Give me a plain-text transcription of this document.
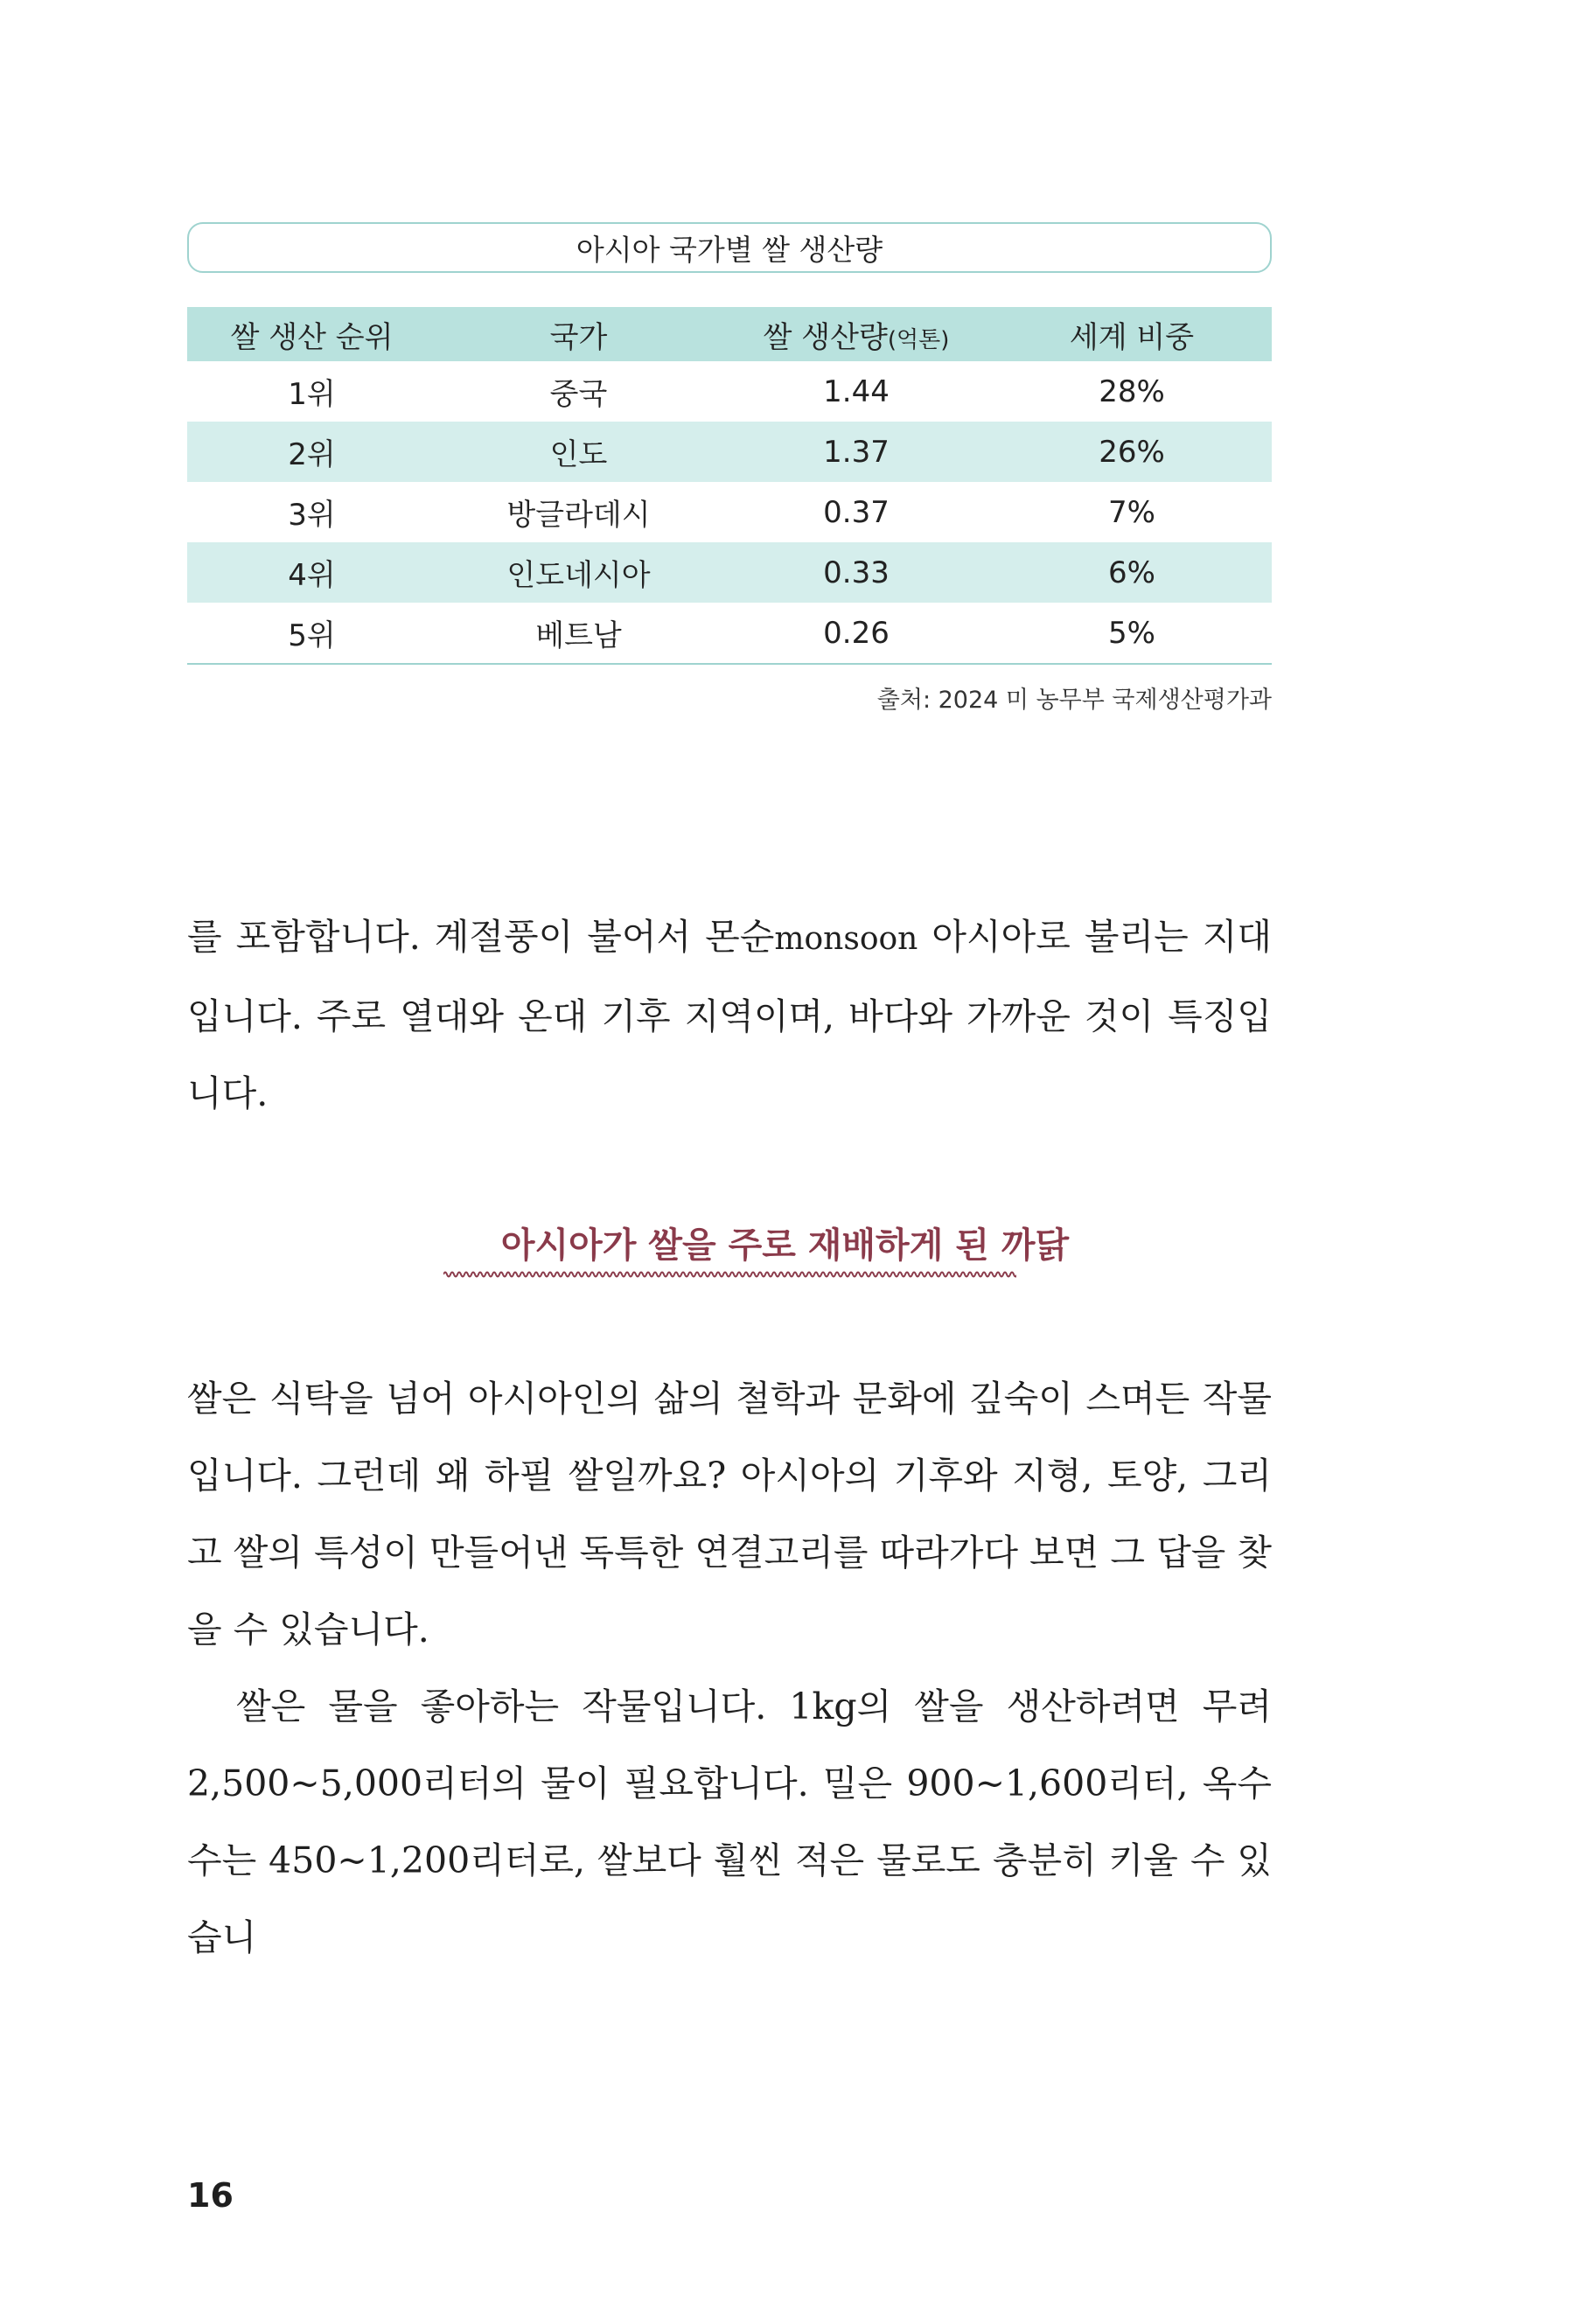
아시아 국가별 쌀 생산량
쌀 생산 순위	국가	쌀 생산량(억톤)	세계 비중
1위	중국	1.44	28%
2위	인도	1.37	26%
3위	방글라데시	0.37	7%
4위	인도네시아	0.33	6%
5위	베트남	0.26	5%
출처: 2024 미 농무부 국제생산평가과

를 포함합니다. 계절풍이 불어서 몬순monsoon 아시아로 불리는 지대입니다. 주로 열대와 온대 기후 지역이며, 바다와 가까운 것이 특징입니다.

아시아가 쌀을 주로 재배하게 된 까닭

쌀은 식탁을 넘어 아시아인의 삶의 철학과 문화에 깊숙이 스며든 작물입니다. 그런데 왜 하필 쌀일까요? 아시아의 기후와 지형, 토양, 그리고 쌀의 특성이 만들어낸 독특한 연결고리를 따라가다 보면 그 답을 찾을 수 있습니다.

쌀은 물을 좋아하는 작물입니다. 1kg의 쌀을 생산하려면 무려 2,500~5,000리터의 물이 필요합니다. 밀은 900~1,600리터, 옥수수는 450~1,200리터로, 쌀보다 훨씬 적은 물로도 충분히 키울 수 있습니

16
